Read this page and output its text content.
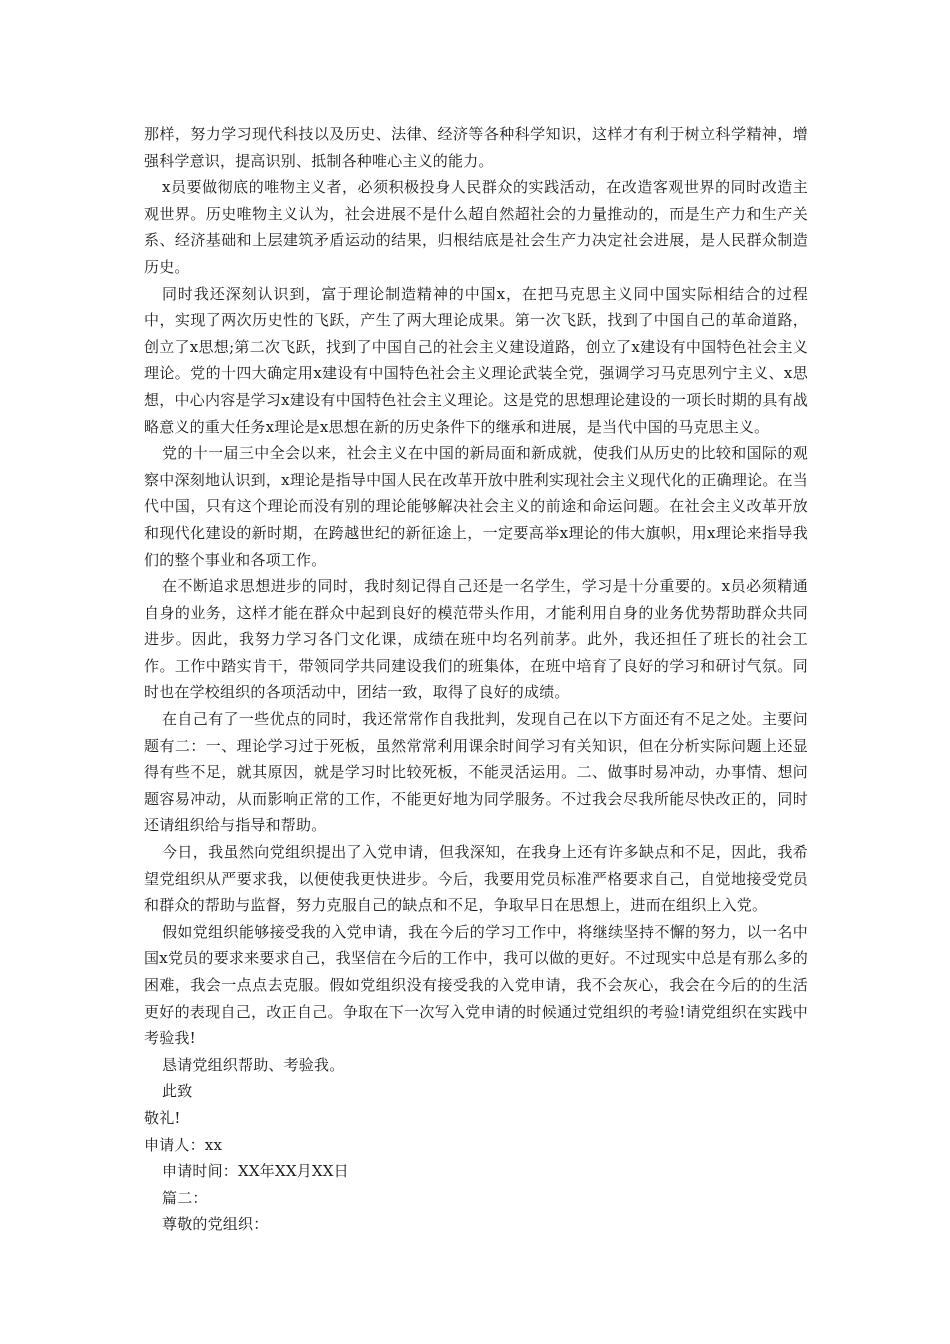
那样，努力学习现代科技以及历史、法律、经济等各种科学知识，这样才有利于树立科学精神，增强科学意识，提高识别、抵制各种唯心主义的能力。

x员要做彻底的唯物主义者，必须积极投身人民群众的实践活动，在改造客观世界的同时改造主观世界。历史唯物主义认为，社会进展不是什么超自然超社会的力量推动的，而是生产力和生产关系、经济基础和上层建筑矛盾运动的结果，归根结底是社会生产力决定社会进展，是人民群众制造历史。

同时我还深刻认识到，富于理论制造精神的中国x，在把马克思主义同中国实际相结合的过程中，实现了两次历史性的飞跃，产生了两大理论成果。第一次飞跃，找到了中国自己的革命道路，创立了x思想;第二次飞跃，找到了中国自己的社会主义建设道路，创立了x建设有中国特色社会主义理论。党的十四大确定用x建设有中国特色社会主义理论武装全党，强调学习马克思列宁主义、x思想，中心内容是学习x建设有中国特色社会主义理论。这是党的思想理论建设的一项长时期的具有战略意义的重大任务x理论是x思想在新的历史条件下的继承和进展，是当代中国的马克思主义。

党的十一届三中全会以来，社会主义在中国的新局面和新成就，使我们从历史的比较和国际的观察中深刻地认识到，x理论是指导中国人民在改革开放中胜利实现社会主义现代化的正确理论。在当代中国，只有这个理论而没有别的理论能够解决社会主义的前途和命运问题。在社会主义改革开放和现代化建设的新时期，在跨越世纪的新征途上，一定要高举x理论的伟大旗帜，用x理论来指导我们的整个事业和各项工作。

在不断追求思想进步的同时，我时刻记得自己还是一名学生，学习是十分重要的。x员必须精通自身的业务，这样才能在群众中起到良好的模范带头作用，才能利用自身的业务优势帮助群众共同进步。因此，我努力学习各门文化课，成绩在班中均名列前茅。此外，我还担任了班长的社会工作。工作中踏实肯干，带领同学共同建设我们的班集体，在班中培育了良好的学习和研讨气氛。同时也在学校组织的各项活动中，团结一致，取得了良好的成绩。

在自己有了一些优点的同时，我还常常作自我批判，发现自己在以下方面还有不足之处。主要问题有二：一、理论学习过于死板，虽然常常利用课余时间学习有关知识，但在分析实际问题上还显得有些不足，就其原因，就是学习时比较死板，不能灵活运用。二、做事时易冲动，办事情、想问题容易冲动，从而影响正常的工作，不能更好地为同学服务。不过我会尽我所能尽快改正的，同时还请组织给与指导和帮助。

今日，我虽然向党组织提出了入党申请，但我深知，在我身上还有许多缺点和不足，因此，我希望党组织从严要求我，以便使我更快进步。今后，我要用党员标准严格要求自己，自觉地接受党员和群众的帮助与监督，努力克服自己的缺点和不足，争取早日在思想上，进而在组织上入党。

假如党组织能够接受我的入党申请，我在今后的学习工作中，将继续坚持不懈的努力，以一名中国x党员的要求来要求自己，我坚信在今后的工作中，我可以做的更好。不过现实中总是有那么多的困难，我会一点点去克服。假如党组织没有接受我的入党申请，我不会灰心，我会在今后的的生活更好的表现自己，改正自己。争取在下一次写入党申请的时候通过党组织的考验!请党组织在实践中考验我!

恳请党组织帮助、考验我。

此致

敬礼!

申请人：xx

申请时间：XX年XX月XX日

篇二：

尊敬的党组织：
